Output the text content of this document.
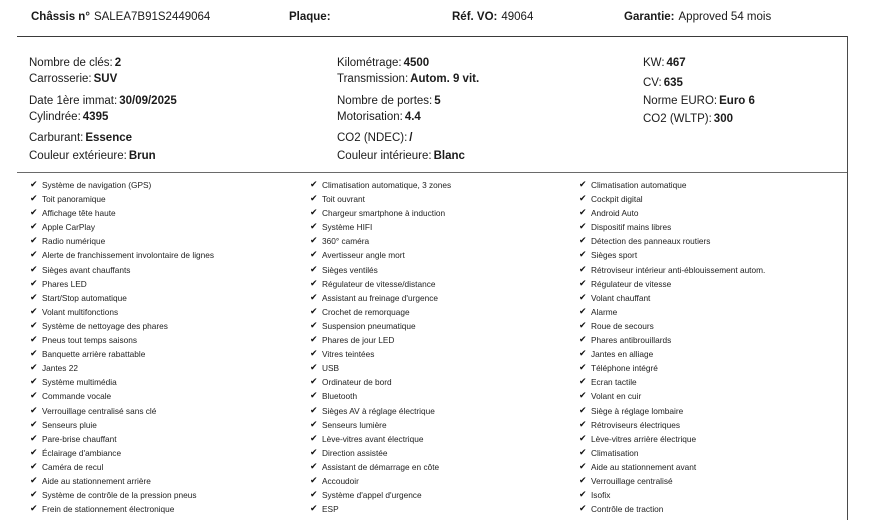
Châssis n° SALEA7B91S2449064	Plaque:	Réf. VO: 49064	Garantie: Approved 54 mois
Nombre de clés: 2
Carrosserie: SUV
Date 1ère immat: 30/09/2025
Cylindrée: 4395
Carburant: Essence
Couleur extérieure: Brun
Kilométrage: 4500
Transmission: Autom. 9 vit.
Nombre de portes: 5
Motorisation: 4.4
CO2 (NDEC): /
Couleur intérieure: Blanc
KW: 467
CV: 635
Norme EURO: Euro 6
CO2 (WLTP): 300
✔ Système de navigation (GPS)
✔ Toit panoramique
✔ Affichage tête haute
✔ Apple CarPlay
✔ Radio numérique
✔ Alerte de franchissement involontaire de lignes
✔ Sièges avant chauffants
✔ Phares LED
✔ Start/Stop automatique
✔ Volant multifonctions
✔ Système de nettoyage des phares
✔ Pneus tout temps saisons
✔ Banquette arrière rabattable
✔ Jantes 22
✔ Système multimédia
✔ Commande vocale
✔ Verrouillage centralisé sans clé
✔ Senseurs pluie
✔ Pare-brise chauffant
✔ Éclairage d'ambiance
✔ Caméra de recul
✔ Aide au stationnement arrière
✔ Système de contrôle de la pression pneus
✔ Frein de stationnement électronique
✔ Climatisation automatique, 3 zones
✔ Toit ouvrant
✔ Chargeur smartphone à induction
✔ Système HIFI
✔ 360° caméra
✔ Avertisseur angle mort
✔ Sièges ventilés
✔ Régulateur de vitesse/distance
✔ Assistant au freinage d'urgence
✔ Crochet de remorquage
✔ Suspension pneumatique
✔ Phares de jour LED
✔ Vitres teintées
✔ USB
✔ Ordinateur de bord
✔ Bluetooth
✔ Sièges AV à réglage électrique
✔ Senseurs lumière
✔ Lève-vitres avant électrique
✔ Direction assistée
✔ Assistant de démarrage en côte
✔ Accoudoir
✔ Système d'appel d'urgence
✔ ESP
✔ Climatisation automatique
✔ Cockpit digital
✔ Android Auto
✔ Dispositif mains libres
✔ Détection des panneaux routiers
✔ Sièges sport
✔ Rétroviseur intérieur anti-éblouissement autom.
✔ Régulateur de vitesse
✔ Volant chauffant
✔ Alarme
✔ Roue de secours
✔ Phares antibrouillards
✔ Jantes en alliage
✔ Téléphone intégré
✔ Ecran tactile
✔ Volant en cuir
✔ Siège à réglage lombaire
✔ Rétroviseurs électriques
✔ Lève-vitres arrière électrique
✔ Climatisation
✔ Aide au stationnement avant
✔ Verrouillage centralisé
✔ Isofix
✔ Contrôle de traction
